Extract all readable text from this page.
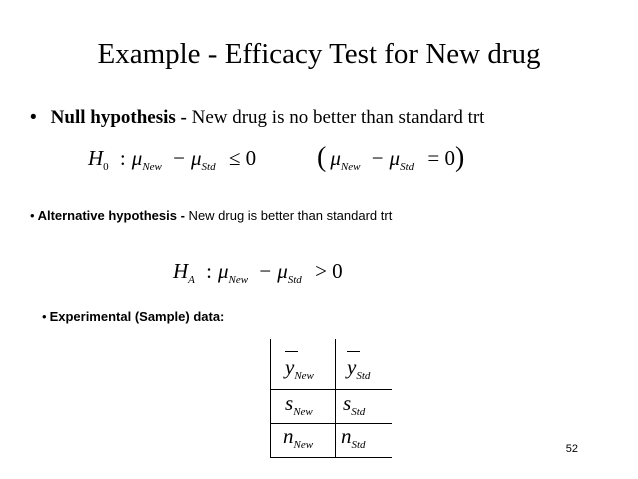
Example - Efficacy Test for New drug
• Null hypothesis - New drug is no better than standard trt
$H_0$ : $\mu_{New} - \mu_{Std} \le 0$ ( $\mu_{New} - \mu_{Std} = 0$)
• Alternative hypothesis - New drug is better than standard trt
$H_A$ : $\mu_{New} - \mu_{Std} > 0$
• Experimental (Sample) data:
$y_{New}$ $y_{Std}$
$s_{New}$ $s_{Std}$
$n_{New}$ $n_{Std}$	52
